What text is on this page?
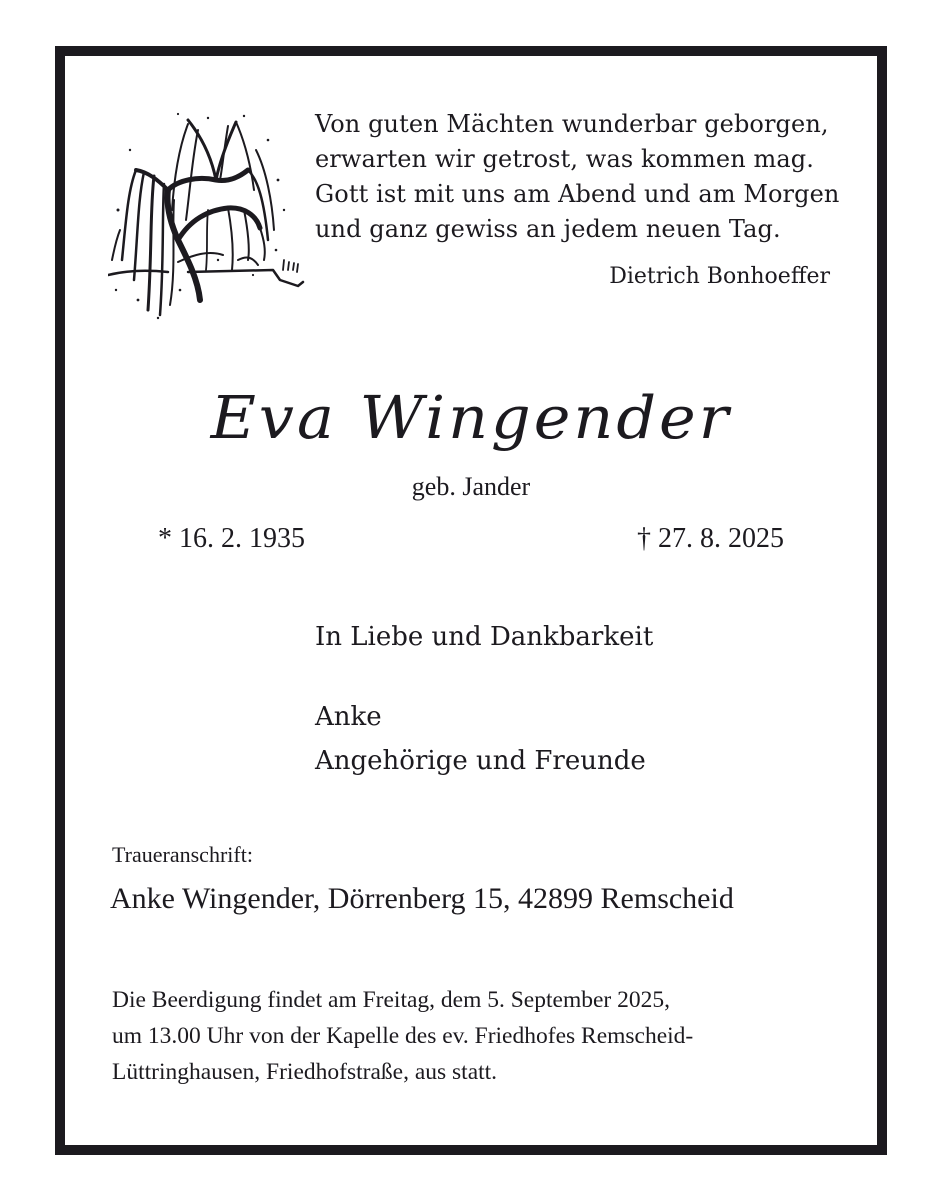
Von guten Mächten wunderbar geborgen,
erwarten wir getrost, was kommen mag.
Gott ist mit uns am Abend und am Morgen
und ganz gewiss an jedem neuen Tag.
Dietrich Bonhoeffer
Eva Wingender
geb. Jander
* 16. 2. 1935	† 27. 8. 2025
In Liebe und Dankbarkeit
Anke
Angehörige und Freunde
Traueranschrift:
Anke Wingender, Dörrenberg 15, 42899 Remscheid
Die Beerdigung findet am Freitag, dem 5. September 2025,
um 13.00 Uhr von der Kapelle des ev. Friedhofes Remscheid-
Lüttringhausen, Friedhofstraße, aus statt.
